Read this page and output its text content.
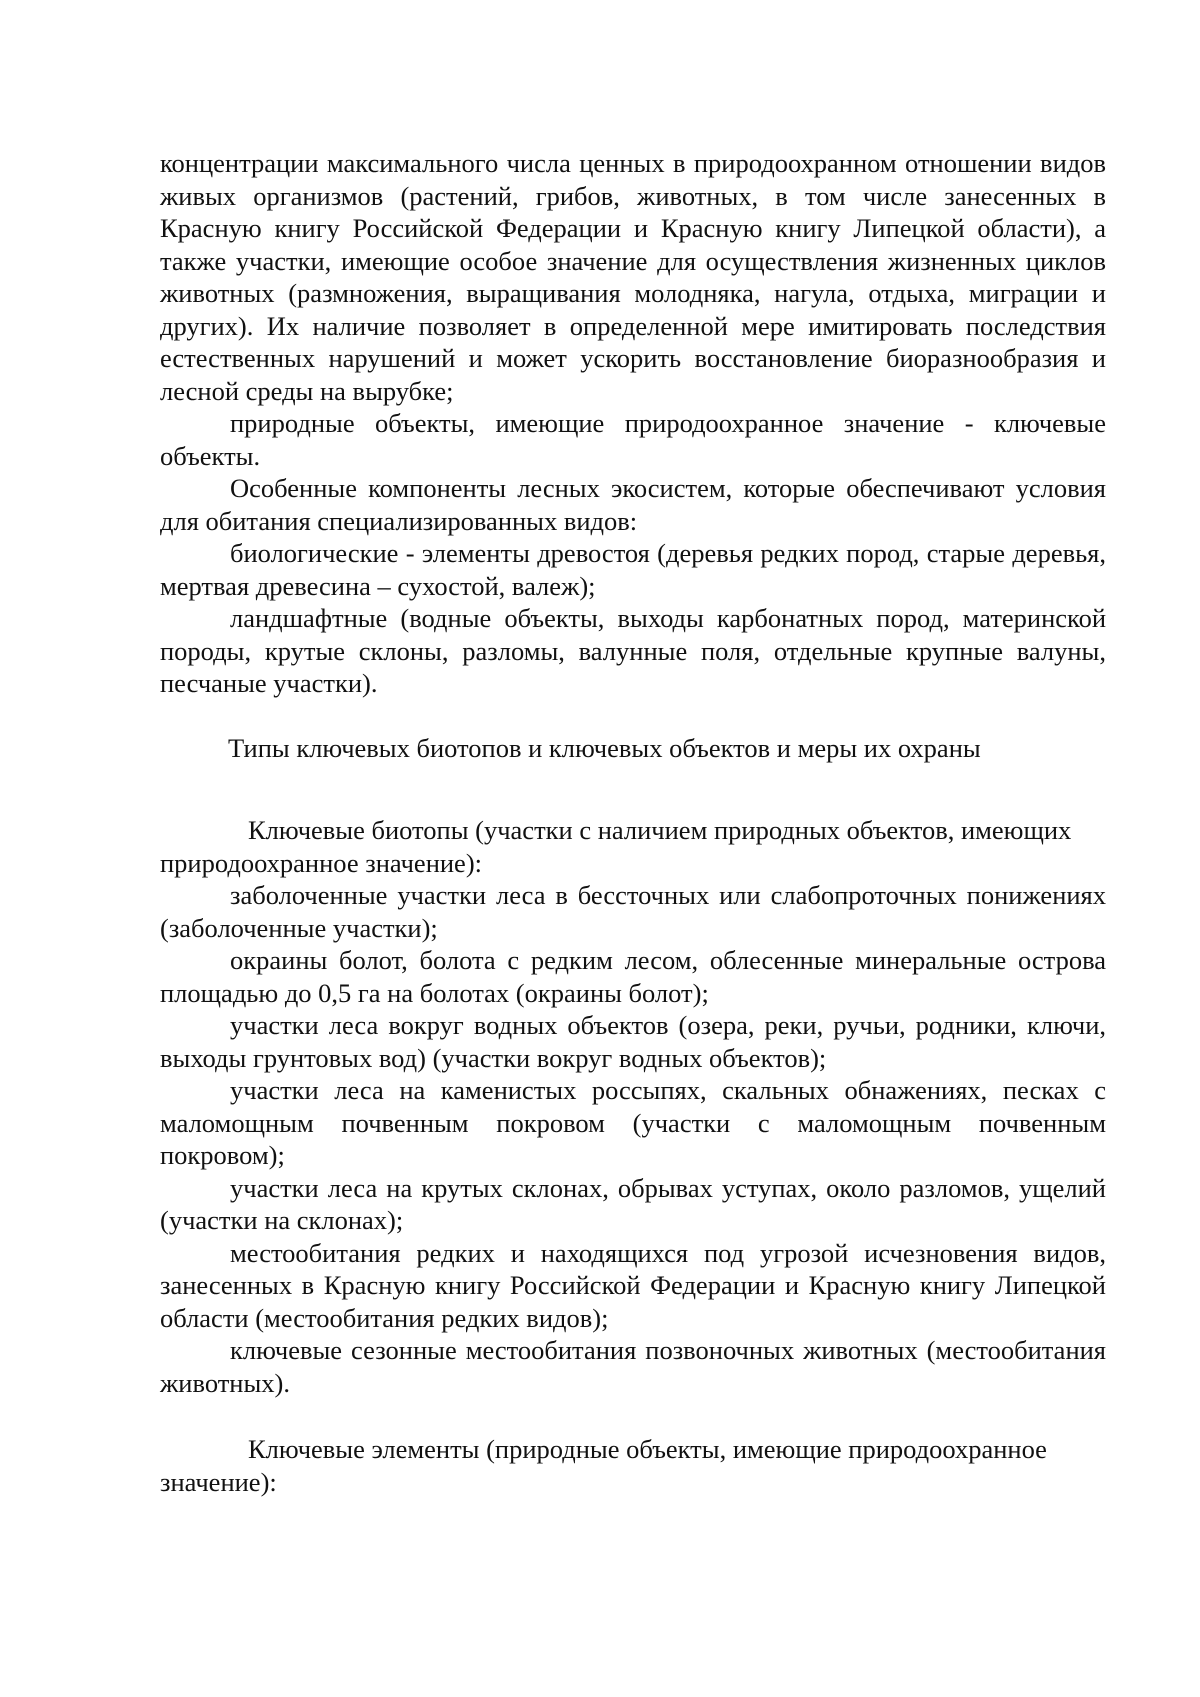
концентрации максимального числа ценных в природоохранном отношении видов живых организмов (растений, грибов, животных, в том числе занесенных в Красную книгу Российской Федерации и Красную книгу Липецкой области), а также участки, имеющие особое значение для осуществления жизненных циклов животных (размножения, выращивания молодняка, нагула, отдыха, миграции и других). Их наличие позволяет в определенной мере имитировать последствия естественных нарушений и может ускорить восстановление биоразнообразия и лесной среды на вырубке;

природные объекты, имеющие природоохранное значение - ключевые объекты.

Особенные компоненты лесных экосистем, которые обеспечивают условия для обитания специализированных видов:

биологические - элементы древостоя (деревья редких пород, старые деревья, мертвая древесина – сухостой, валеж);

ландшафтные (водные объекты, выходы карбонатных пород, материнской породы, крутые склоны, разломы, валунные поля, отдельные крупные валуны, песчаные участки).

Типы ключевых биотопов и ключевых объектов и меры их охраны

Ключевые биотопы (участки с наличием природных объектов, имеющих природоохранное значение):

заболоченные участки леса в бессточных или слабопроточных понижениях (заболоченные участки);

окраины болот, болота с редким лесом, облесенные минеральные острова площадью до 0,5 га на болотах (окраины болот);

участки леса вокруг водных объектов (озера, реки, ручьи, родники, ключи, выходы грунтовых вод) (участки вокруг водных объектов);

участки леса на каменистых россыпях, скальных обнажениях, песках с маломощным почвенным покровом (участки с маломощным почвенным покровом);

участки леса на крутых склонах, обрывах уступах, около разломов, ущелий (участки на склонах);

местообитания редких и находящихся под угрозой исчезновения видов, занесенных в Красную книгу Российской Федерации и Красную книгу Липецкой области (местообитания редких видов);

ключевые сезонные местообитания позвоночных животных (местообитания животных).

Ключевые элементы (природные объекты, имеющие природоохранное значение):
